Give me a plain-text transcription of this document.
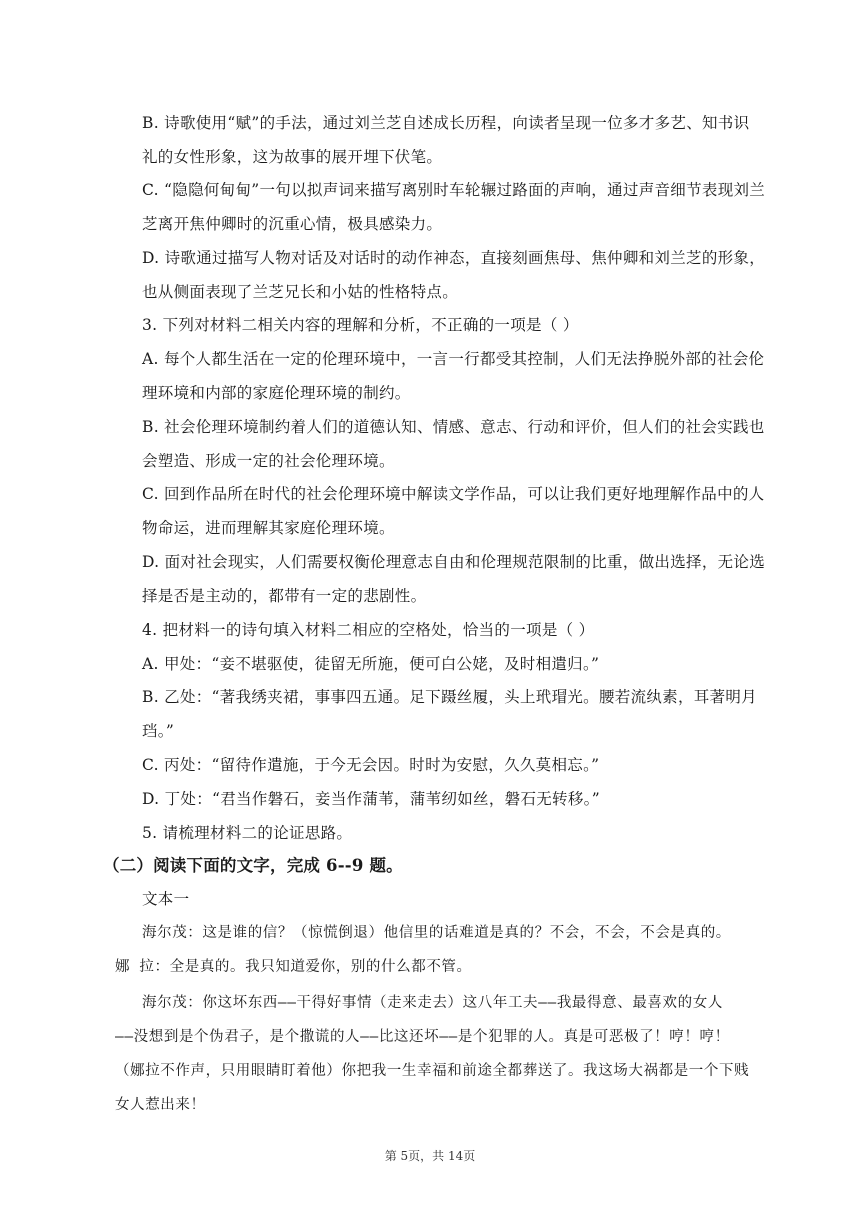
B. 诗歌使用“赋”的手法，通过刘兰芝自述成长历程，向读者呈现一位多才多艺、知书识
礼的女性形象，这为故事的展开埋下伏笔。
C. “隐隐何甸甸”一句以拟声词来描写离别时车轮辗过路面的声响，通过声音细节表现刘兰
芝离开焦仲卿时的沉重心情，极具感染力。
D. 诗歌通过描写人物对话及对话时的动作神态，直接刻画焦母、焦仲卿和刘兰芝的形象，
也从侧面表现了兰芝兄长和小姑的性格特点。
3. 下列对材料二相关内容的理解和分析，不正确的一项是（ ）
A. 每个人都生活在一定的伦理环境中，一言一行都受其控制，人们无法挣脱外部的社会伦
理环境和内部的家庭伦理环境的制约。
B. 社会伦理环境制约着人们的道德认知、情感、意志、行动和评价，但人们的社会实践也
会塑造、形成一定的社会伦理环境。
C. 回到作品所在时代的社会伦理环境中解读文学作品，可以让我们更好地理解作品中的人
物命运，进而理解其家庭伦理环境。
D. 面对社会现实，人们需要权衡伦理意志自由和伦理规范限制的比重，做出选择，无论选
择是否是主动的，都带有一定的悲剧性。
4. 把材料一的诗句填入材料二相应的空格处，恰当的一项是（ ）
A. 甲处：“妾不堪驱使，徒留无所施，便可白公姥，及时相遣归。”
B. 乙处：“著我绣夹裙，事事四五通。足下蹑丝履，头上玳瑁光。腰若流纨素，耳著明月
珰。”
C. 丙处：“留待作遣施，于今无会因。时时为安慰，久久莫相忘。”
D. 丁处：“君当作磐石，妾当作蒲苇，蒲苇纫如丝，磐石无转移。”
5. 请梳理材料二的论证思路。
（二）阅读下面的文字，完成 6--9 题。
文本一
海尔茂：这是谁的信？（惊慌倒退）他信里的话难道是真的？不会，不会，不会是真的。
娜 拉：全是真的。我只知道爱你，别的什么都不管。
海尔茂：你这坏东西——干得好事情（走来走去）这八年工夫——我最得意、最喜欢的女人
——没想到是个伪君子，是个撒谎的人——比这还坏——是个犯罪的人。真是可恶极了！哼！哼！
（娜拉不作声，只用眼睛盯着他）你把我一生幸福和前途全都葬送了。我这场大祸都是一个下贱
女人惹出来！
第 5页，共 14页
